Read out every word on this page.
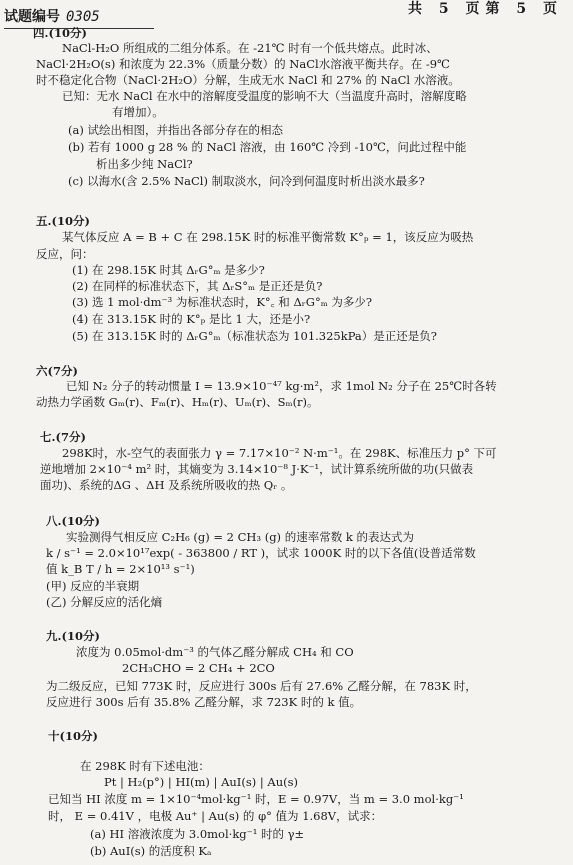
试题编号 0305	共 5 页第 5 页
四.(10分)
NaCl-H₂O 所组成的二组分体系。在 -21℃ 时有一个低共熔点。此时冰、
NaCl·2H₂O(s) 和浓度为 22.3%（质量分数）的 NaCl水溶液平衡共存。在 -9℃
时不稳定化合物（NaCl·2H₂O）分解，生成无水 NaCl 和 27% 的 NaCl 水溶液。
已知：无水 NaCl 在水中的溶解度受温度的影响不大（当温度升高时，溶解度略
有增加）。
(a) 试绘出相图，并指出各部分存在的相态
(b) 若有 1000 g 28 % 的 NaCl 溶液，由 160℃ 冷到 -10℃，问此过程中能
析出多少纯 NaCl?
(c) 以海水(含 2.5% NaCl) 制取淡水，问冷到何温度时析出淡水最多?
五.(10分)
某气体反应 A = B + C 在 298.15K 时的标准平衡常数 K°ₚ = 1，该反应为吸热
反应，问：
(1) 在 298.15K 时其 ΔᵣG°ₘ 是多少?
(2) 在同样的标准状态下，其 ΔᵣS°ₘ 是正还是负?
(3) 选 1 mol·dm⁻³ 为标准状态时，K°꜀ 和 ΔᵣG°ₘ 为多少?
(4) 在 313.15K 时的 K°ₚ 是比 1 大，还是小?
(5) 在 313.15K 时的 ΔᵣG°ₘ（标准状态为 101.325kPa）是正还是负?
六(7分)
已知 N₂ 分子的转动惯量 I = 13.9×10⁻⁴⁷ kg·m²，求 1mol N₂ 分子在 25℃时各转
动热力学函数 Gₘ(r)、Fₘ(r)、Hₘ(r)、Uₘ(r)、Sₘ(r)。
七.(7分)
298K时，水-空气的表面张力 γ = 7.17×10⁻² N·m⁻¹。在 298K、标准压力 p° 下可
逆地增加 2×10⁻⁴ m² 时，其熵变为 3.14×10⁻⁸ J·K⁻¹，试计算系统所做的功(只做表
面功)、系统的ΔG 、ΔH 及系统所吸收的热 Qᵣ 。
八.(10分)
实验测得气相反应 C₂H₆ (g) = 2 CH₃ (g) 的速率常数 k 的表达式为
k / s⁻¹ = 2.0×10¹⁷exp( - 363800 / RT )，试求 1000K 时的以下各值(设普适常数
值 k_B T / h = 2×10¹³ s⁻¹)
(甲) 反应的半衰期
(乙) 分解反应的活化熵
九.(10分)
浓度为 0.05mol·dm⁻³ 的气体乙醛分解成 CH₄ 和 CO
2CH₃CHO = 2 CH₄ + 2CO
为二级反应，已知 773K 时，反应进行 300s 后有 27.6% 乙醛分解，在 783K 时，
反应进行 300s 后有 35.8% 乙醛分解，求 723K 时的 k 值。
十(10分)
在 298K 时有下述电池：
Pt | H₂(p°) | HI(m) | AuI(s) | Au(s)
已知当 HI 浓度 m = 1×10⁻⁴mol·kg⁻¹ 时，E = 0.97V，当 m = 3.0 mol·kg⁻¹
时， E = 0.41V ，电极 Au⁺ | Au(s) 的 φ° 值为 1.68V，试求：
(a) HI 溶液浓度为 3.0mol·kg⁻¹ 时的 γ±
(b) AuI(s) 的活度积 Kₐ
